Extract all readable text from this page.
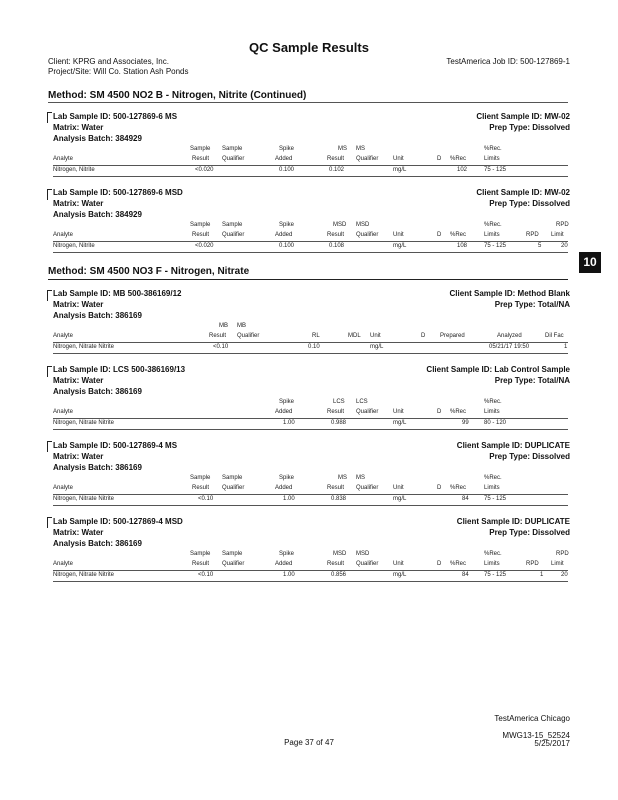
QC Sample Results
Client: KPRG and Associates, Inc.
Project/Site: Will Co. Station Ash Ponds
TestAmerica Job ID: 500-127869-1
Method: SM 4500 NO2 B - Nitrogen, Nitrite (Continued)
Lab Sample ID: 500-127869-6 MS	Client Sample ID: MW-02
Matrix: Water	Prep Type: Dissolved
Analysis Batch: 384929
Sample Sample	Spike	MS MS	%Rec.
Analyte	Result Qualifier	Added	Result Qualifier Unit	D %Rec	Limits
Nitrogen, Nitrite	<0.020	0.100	0.102	mg/L	102	75 - 125
Lab Sample ID: 500-127869-6 MSD	Client Sample ID: MW-02
Matrix: Water	Prep Type: Dissolved
Analysis Batch: 384929
Sample Sample	Spike	MSD MSD	%Rec.	RPD
Analyte	Result Qualifier	Added	Result Qualifier Unit	D %Rec	Limits	RPD Limit
Nitrogen, Nitrite	<0.020	0.100	0.108	mg/L	108	75 - 125	5	20
10
Method: SM 4500 NO3 F - Nitrogen, Nitrate
Lab Sample ID: MB 500-386169/12	Client Sample ID: Method Blank
Matrix: Water	Prep Type: Total/NA
Analysis Batch: 386169
MB MB
Analyte	Result Qualifier	RL	MDL Unit	D Prepared	Analyzed	Dil Fac
Nitrogen, Nitrate Nitrite	<0.10	0.10	mg/L	05/21/17 19:50	1
Lab Sample ID: LCS 500-386169/13	Client Sample ID: Lab Control Sample
Matrix: Water	Prep Type: Total/NA
Analysis Batch: 386169
Spike	LCS LCS	%Rec.
Analyte	Added	Result Qualifier Unit	D %Rec	Limits
Nitrogen, Nitrate Nitrite	1.00	0.988	mg/L	99	80 - 120
Lab Sample ID: 500-127869-4 MS	Client Sample ID: DUPLICATE
Matrix: Water	Prep Type: Dissolved
Analysis Batch: 386169
Sample Sample	Spike	MS MS	%Rec.
Analyte	Result Qualifier	Added	Result Qualifier Unit	D %Rec	Limits
Nitrogen, Nitrate Nitrite	<0.10	1.00	0.838	mg/L	84	75 - 125
Lab Sample ID: 500-127869-4 MSD	Client Sample ID: DUPLICATE
Matrix: Water	Prep Type: Dissolved
Analysis Batch: 386169
Sample Sample	Spike	MSD MSD	%Rec.	RPD
Analyte	Result Qualifier	Added	Result Qualifier Unit	D %Rec	Limits	RPD Limit
Nitrogen, Nitrate Nitrite	<0.10	1.00	0.856	mg/L	84	75 - 125	1	20
TestAmerica Chicago
Page 37 of 47
MWG13-15_52524
5/25/2017
